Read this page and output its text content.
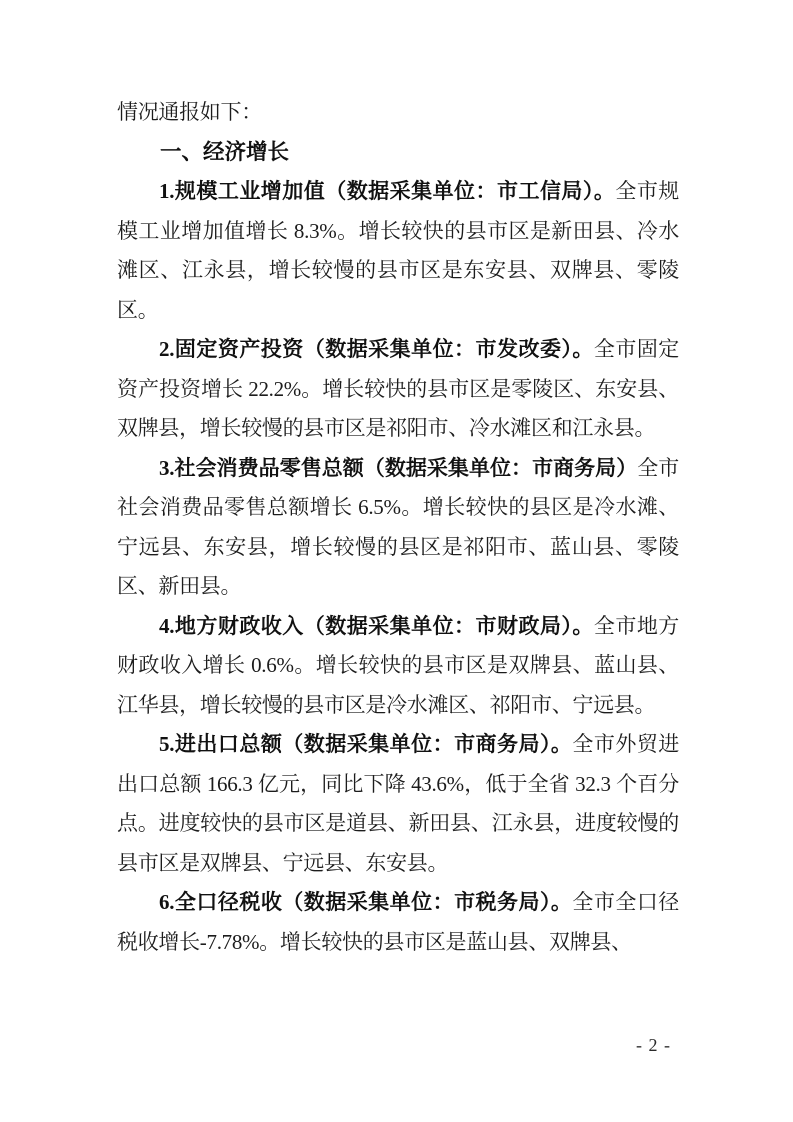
情况通报如下：

一、经济增长

1.规模工业增加值（数据采集单位：市工信局）。全市规模工业增加值增长 8.3%。增长较快的县市区是新田县、冷水滩区、江永县，增长较慢的县市区是东安县、双牌县、零陵区。

2.固定资产投资（数据采集单位：市发改委）。全市固定资产投资增长 22.2%。增长较快的县市区是零陵区、东安县、双牌县，增长较慢的县市区是祁阳市、冷水滩区和江永县。

3.社会消费品零售总额（数据采集单位：市商务局）全市社会消费品零售总额增长 6.5%。增长较快的县区是冷水滩、宁远县、东安县，增长较慢的县区是祁阳市、蓝山县、零陵区、新田县。

4.地方财政收入（数据采集单位：市财政局）。全市地方财政收入增长 0.6%。增长较快的县市区是双牌县、蓝山县、江华县，增长较慢的县市区是冷水滩区、祁阳市、宁远县。

5.进出口总额（数据采集单位：市商务局）。全市外贸进出口总额 166.3 亿元，同比下降 43.6%，低于全省 32.3 个百分点。进度较快的县市区是道县、新田县、江永县，进度较慢的县市区是双牌县、宁远县、东安县。

6.全口径税收（数据采集单位：市税务局）。全市全口径税收增长-7.78%。增长较快的县市区是蓝山县、双牌县、

- 2 -
